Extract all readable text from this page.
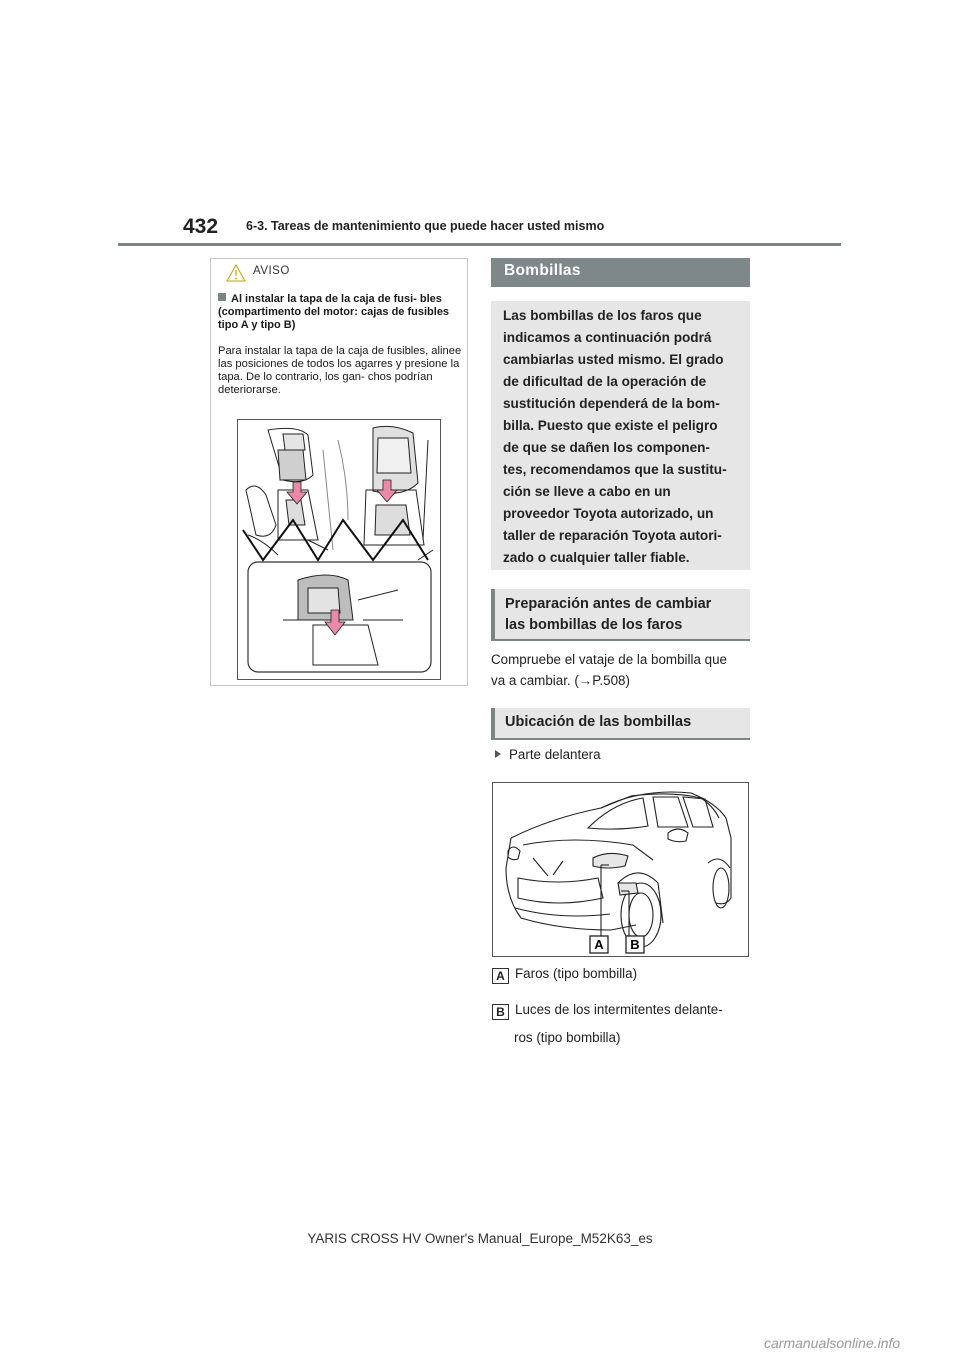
432 6-3. Tareas de mantenimiento que puede hacer usted mismo
AVISO
Al instalar la tapa de la caja de fusi- bles (compartimento del motor: cajas de fusibles tipo A y tipo B)
Para instalar la tapa de la caja de fusibles, alinee las posiciones de todos los agarres y presione la tapa. De lo contrario, los gan- chos podrían deteriorarse.
Bombillas
Las bombillas de los faros que
indicamos a continuación podrá
cambiarlas usted mismo. El grado
de dificultad de la operación de
sustitución dependerá de la bom-
billa. Puesto que existe el peligro
de que se dañen los componen-
tes, recomendamos que la sustitu-
ción se lleve a cabo en un
proveedor Toyota autorizado, un
taller de reparación Toyota autori-
zado o cualquier taller fiable.
Preparación antes de cambiar
las bombillas de los faros
Compruebe el vataje de la bombilla que
va a cambiar. (→P.508)
Ubicación de las bombillas
Parte delantera
A B
A Faros (tipo bombilla)
B Luces de los intermitentes delante-
ros (tipo bombilla)
YARIS CROSS HV Owner's Manual_Europe_M52K63_es
carmanualsonline.info
